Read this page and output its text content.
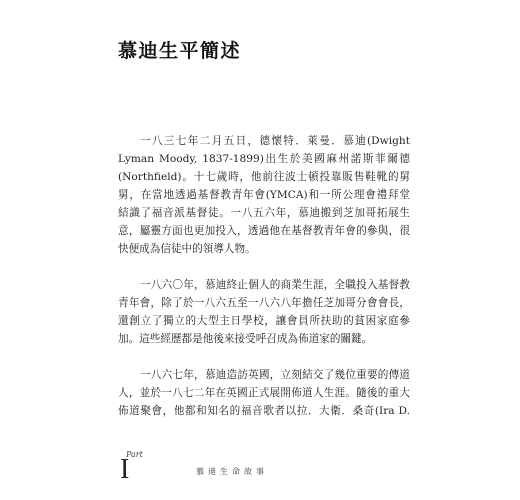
慕迪生平簡述
一八三七年二月五日，德懷特．萊曼．慕迪(Dwight
Lyman Moody, 1837-1899)出生於美國麻州諾斯菲爾德
(Northfield)。十七歲時，他前往波士頓投靠販售鞋靴的舅
舅，在當地透過基督教青年會(YMCA)和一所公理會禮拜堂
結識了福音派基督徒。一八五六年，慕迪搬到芝加哥拓展生
意，屬靈方面也更加投入，透過他在基督教青年會的參與，很
快便成為信徒中的領導人物。
一八六〇年，慕迪終止個人的商業生涯，全職投入基督教
青年會，除了於一八六五至一八六八年擔任芝加哥分會會長，
還創立了獨立的大型主日學校，讓會員所扶助的貧困家庭參
加。這些經歷都是他後來接受呼召成為佈道家的關鍵。
一八六七年，慕迪造訪英國，立刻結交了幾位重要的傳道
人，並於一八七二年在英國正式展開佈道人生涯。隨後的重大
佈道聚會，他都和知名的福音歌者以拉．大衛．桑奇(Ira D.
Part
I	慕迪生命故事
